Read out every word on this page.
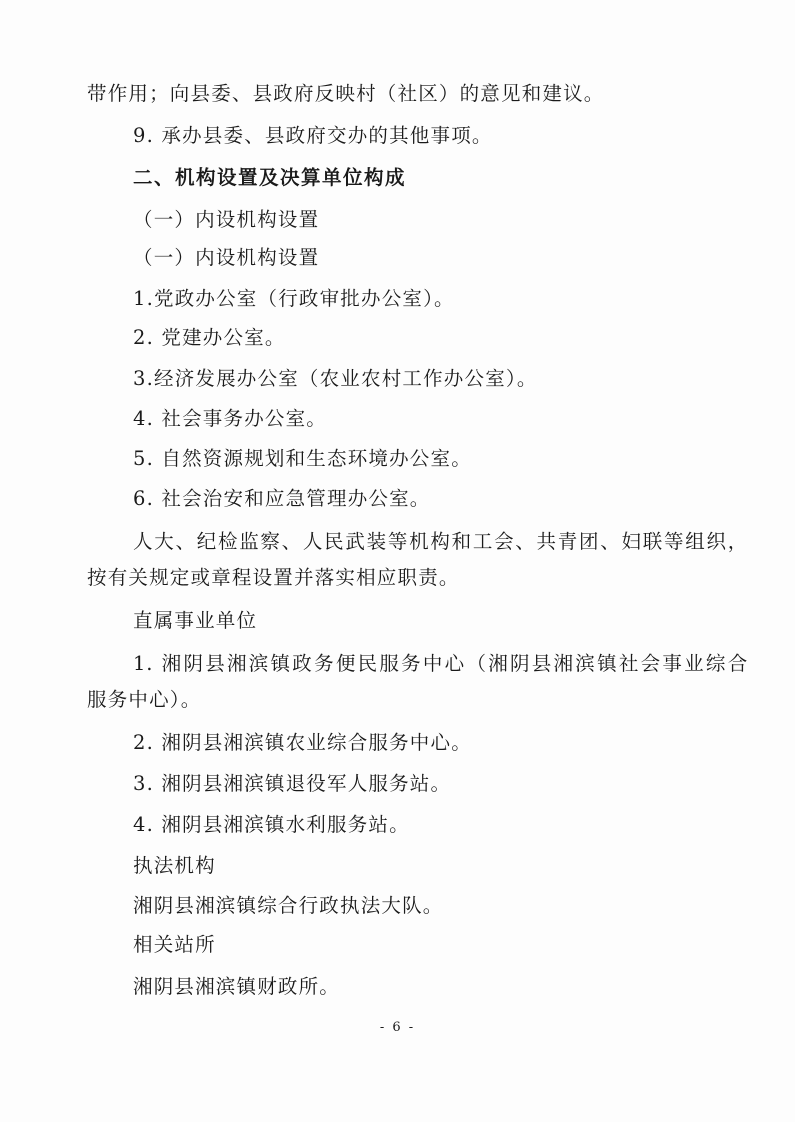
带作用；向县委、县政府反映村（社区）的意见和建议。
9. 承办县委、县政府交办的其他事项。
二、机构设置及决算单位构成
（一）内设机构设置
（一）内设机构设置
1.党政办公室（行政审批办公室）。
2. 党建办公室。
3.经济发展办公室（农业农村工作办公室）。
4. 社会事务办公室。
5. 自然资源规划和生态环境办公室。
6. 社会治安和应急管理办公室。
人大、纪检监察、人民武装等机构和工会、共青团、妇联等组织，
按有关规定或章程设置并落实相应职责。
直属事业单位
1. 湘阴县湘滨镇政务便民服务中心（湘阴县湘滨镇社会事业综合
服务中心）。
2. 湘阴县湘滨镇农业综合服务中心。
3. 湘阴县湘滨镇退役军人服务站。
4. 湘阴县湘滨镇水利服务站。
执法机构
湘阴县湘滨镇综合行政执法大队。
相关站所
湘阴县湘滨镇财政所。
- 6 -
